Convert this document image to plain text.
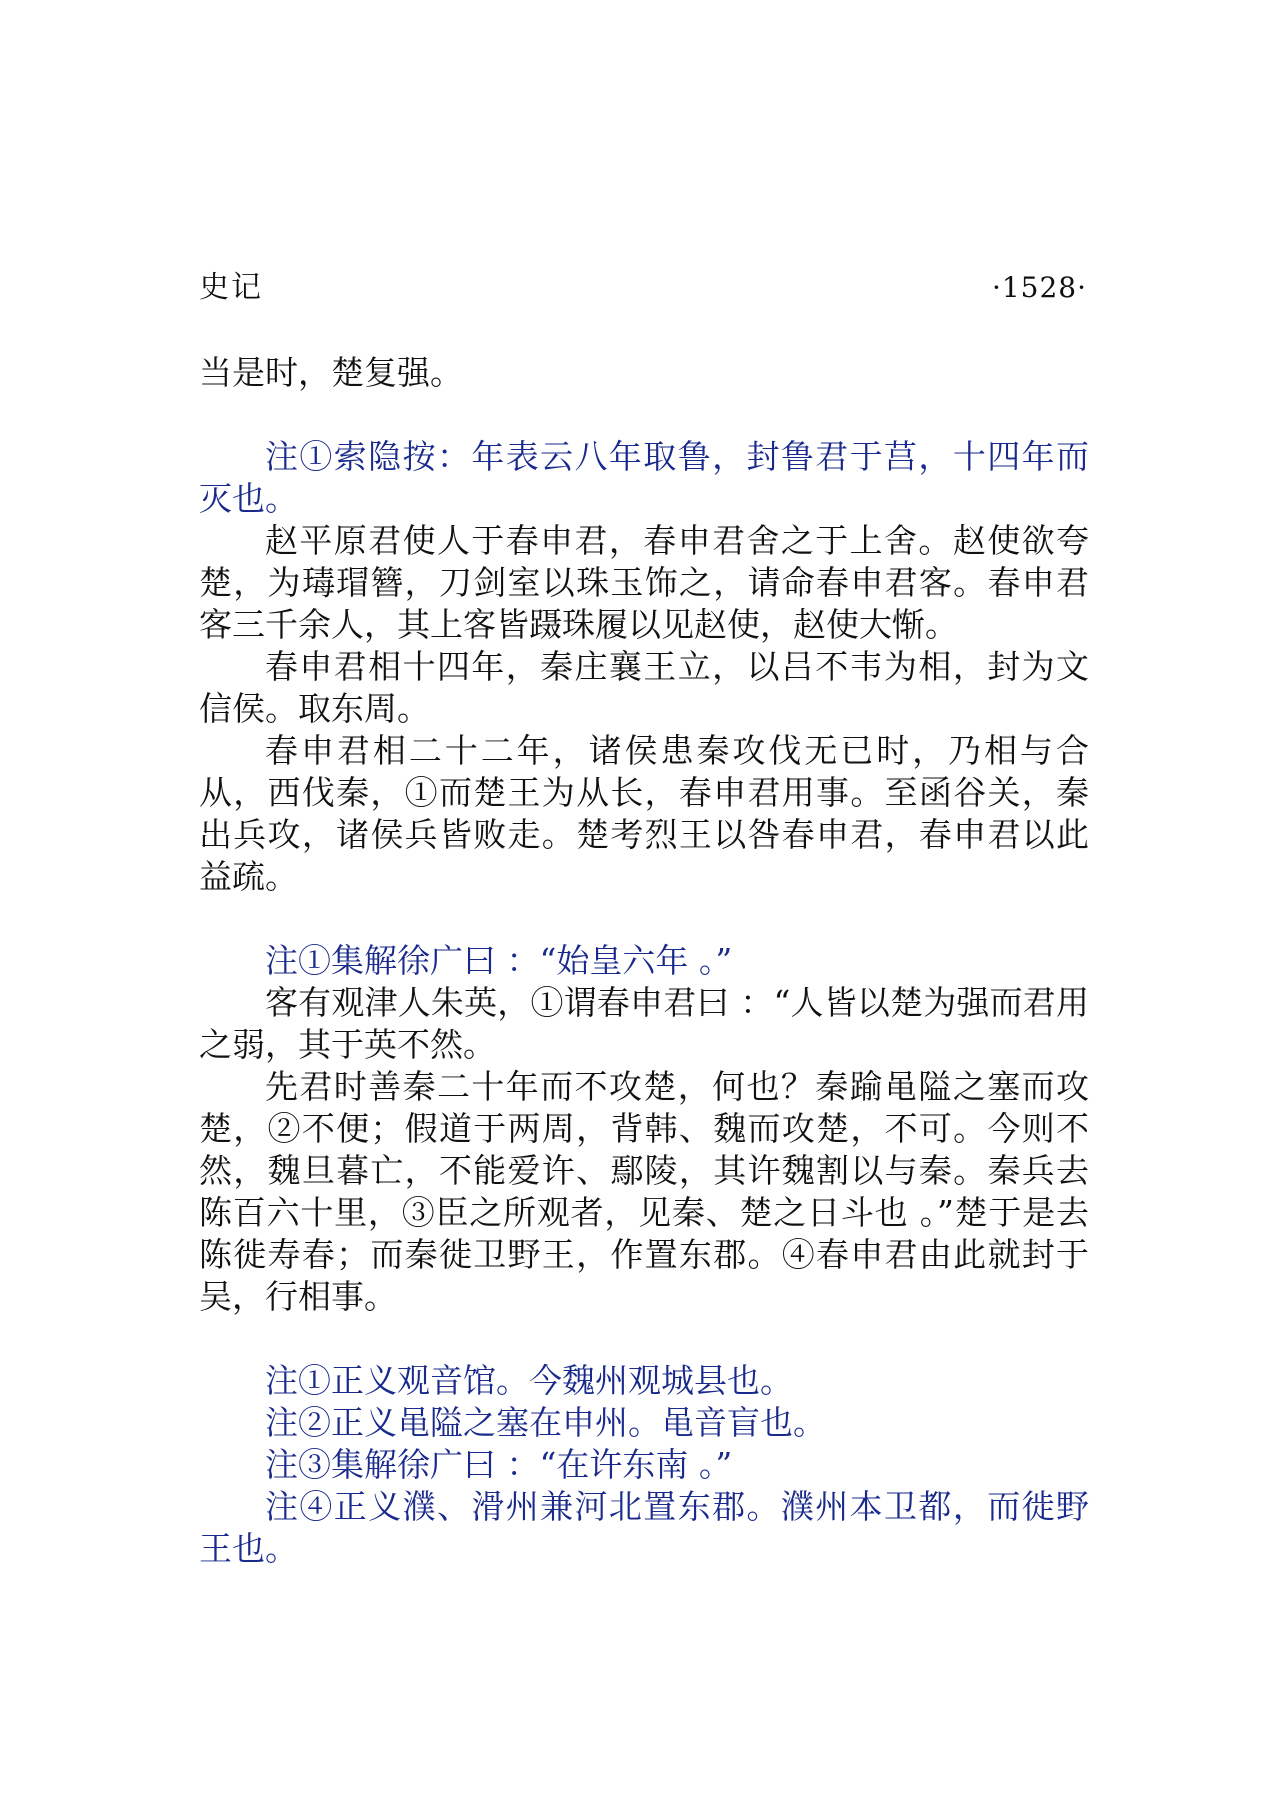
史记	·1528·

当是时，楚复强。

注①索隐按：年表云八年取鲁，封鲁君于莒，十四年而灭也。

赵平原君使人于春申君，春申君舍之于上舍。赵使欲夸楚，为瑇瑁簪，刀剑室以珠玉饰之，请命春申君客。春申君客三千余人，其上客皆蹑珠履以见赵使，赵使大惭。

春申君相十四年，秦庄襄王立，以吕不韦为相，封为文信侯。取东周。

春申君相二十二年，诸侯患秦攻伐无已时，乃相与合从，西伐秦，①而楚王为从长，春申君用事。至函谷关，秦出兵攻，诸侯兵皆败走。楚考烈王以咎春申君，春申君以此益疏。

注①集解徐广曰 ：“始皇六年 。”

客有观津人朱英，①谓春申君曰 ：“人皆以楚为强而君用之弱，其于英不然。

先君时善秦二十年而不攻楚，何也？秦踰黾隘之塞而攻楚，②不便；假道于两周，背韩、魏而攻楚，不可。今则不然，魏旦暮亡，不能爱许、鄢陵，其许魏割以与秦。秦兵去陈百六十里，③臣之所观者，见秦、楚之日斗也 。”楚于是去陈徙寿春；而秦徙卫野王，作置东郡。④春申君由此就封于吴，行相事。

注①正义观音馆。今魏州观城县也。

注②正义黾隘之塞在申州。黾音盲也。

注③集解徐广曰 ：“在许东南 。”

注④正义濮、滑州兼河北置东郡。濮州本卫都，而徙野王也。
